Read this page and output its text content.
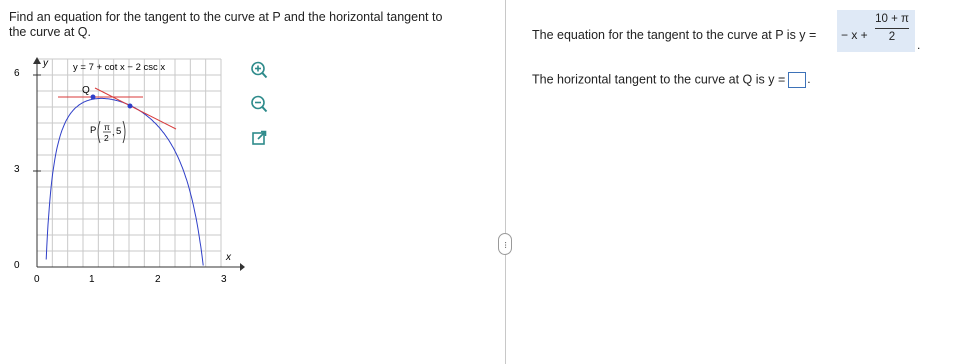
Find an equation for the tangent to the curve at P and the horizontal tangent to
the curve at Q.
y
x
0	1	2	3
0
3
6
y = 7 + cot x − 2 csc x
Q
P π
2
, 5
···
The equation for the tangent to the curve at P is y = − x +
10 + π
2
.
The horizontal tangent to the curve at Q is y = .
